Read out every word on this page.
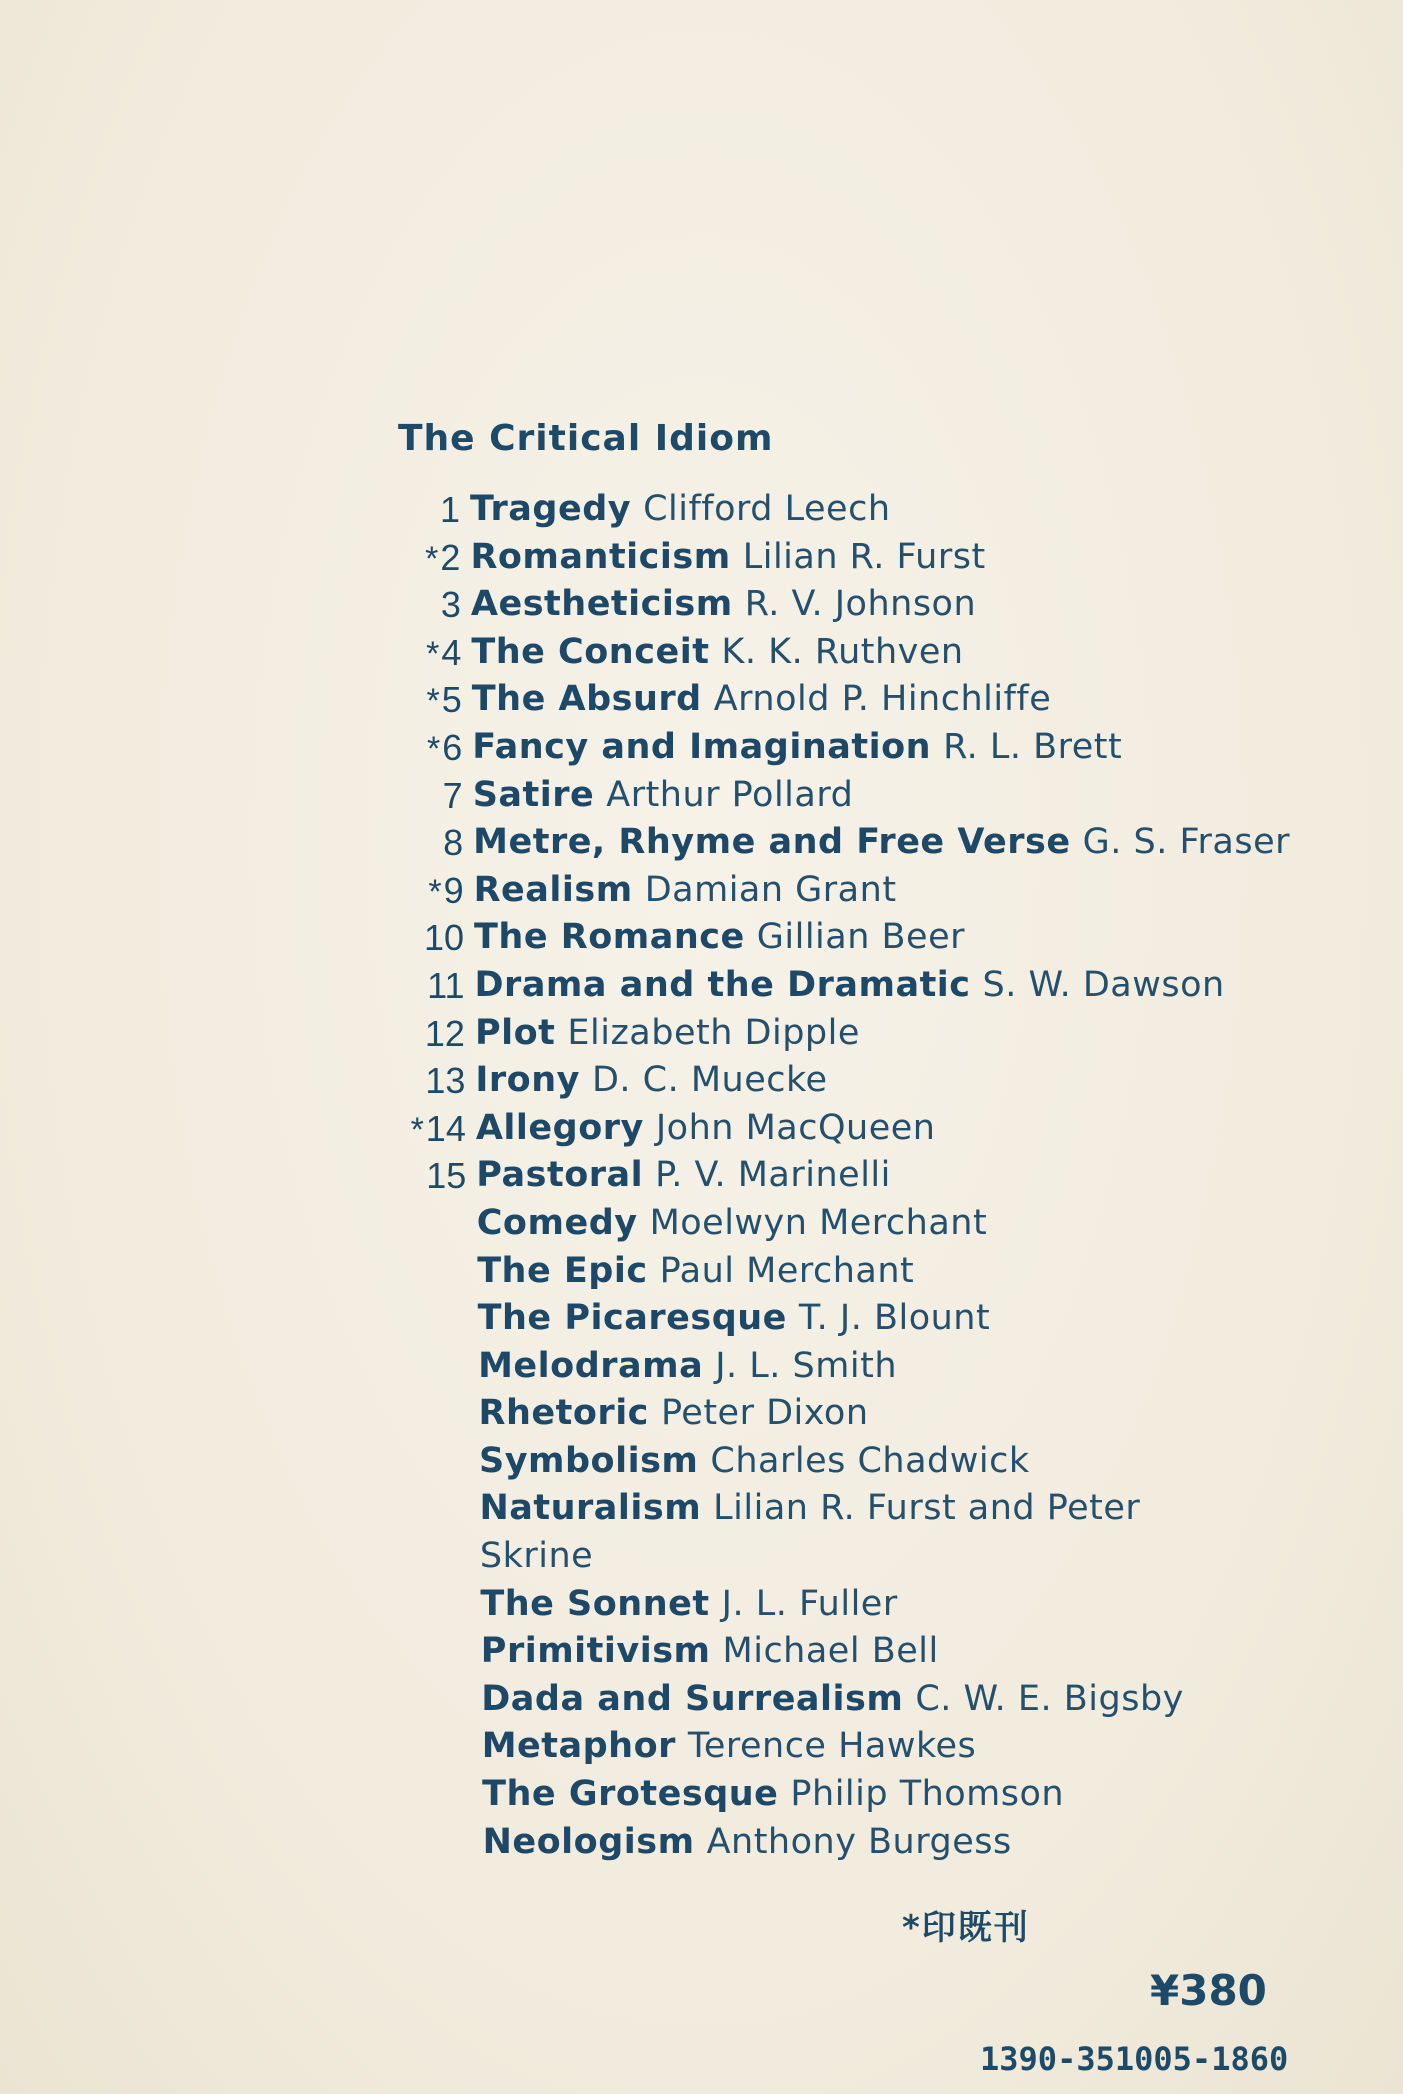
The Critical Idiom
1 Tragedy Clifford Leech
*2 Romanticism Lilian R. Furst
3 Aestheticism R. V. Johnson
*4 The Conceit K. K. Ruthven
*5 The Absurd Arnold P. Hinchliffe
*6 Fancy and Imagination R. L. Brett
7 Satire Arthur Pollard
8 Metre, Rhyme and Free Verse G. S. Fraser
*9 Realism Damian Grant
10 The Romance Gillian Beer
11 Drama and the Dramatic S. W. Dawson
12 Plot Elizabeth Dipple
13 Irony D. C. Muecke
*14 Allegory John MacQueen
15 Pastoral P. V. Marinelli
Comedy Moelwyn Merchant
The Epic Paul Merchant
The Picaresque T. J. Blount
Melodrama J. L. Smith
Rhetoric Peter Dixon
Symbolism Charles Chadwick
Naturalism Lilian R. Furst and Peter
Skrine
The Sonnet J. L. Fuller
Primitivism Michael Bell
Dada and Surrealism C. W. E. Bigsby
Metaphor Terence Hawkes
The Grotesque Philip Thomson
Neologism Anthony Burgess
*印既刊
¥380
1390-351005-1860
